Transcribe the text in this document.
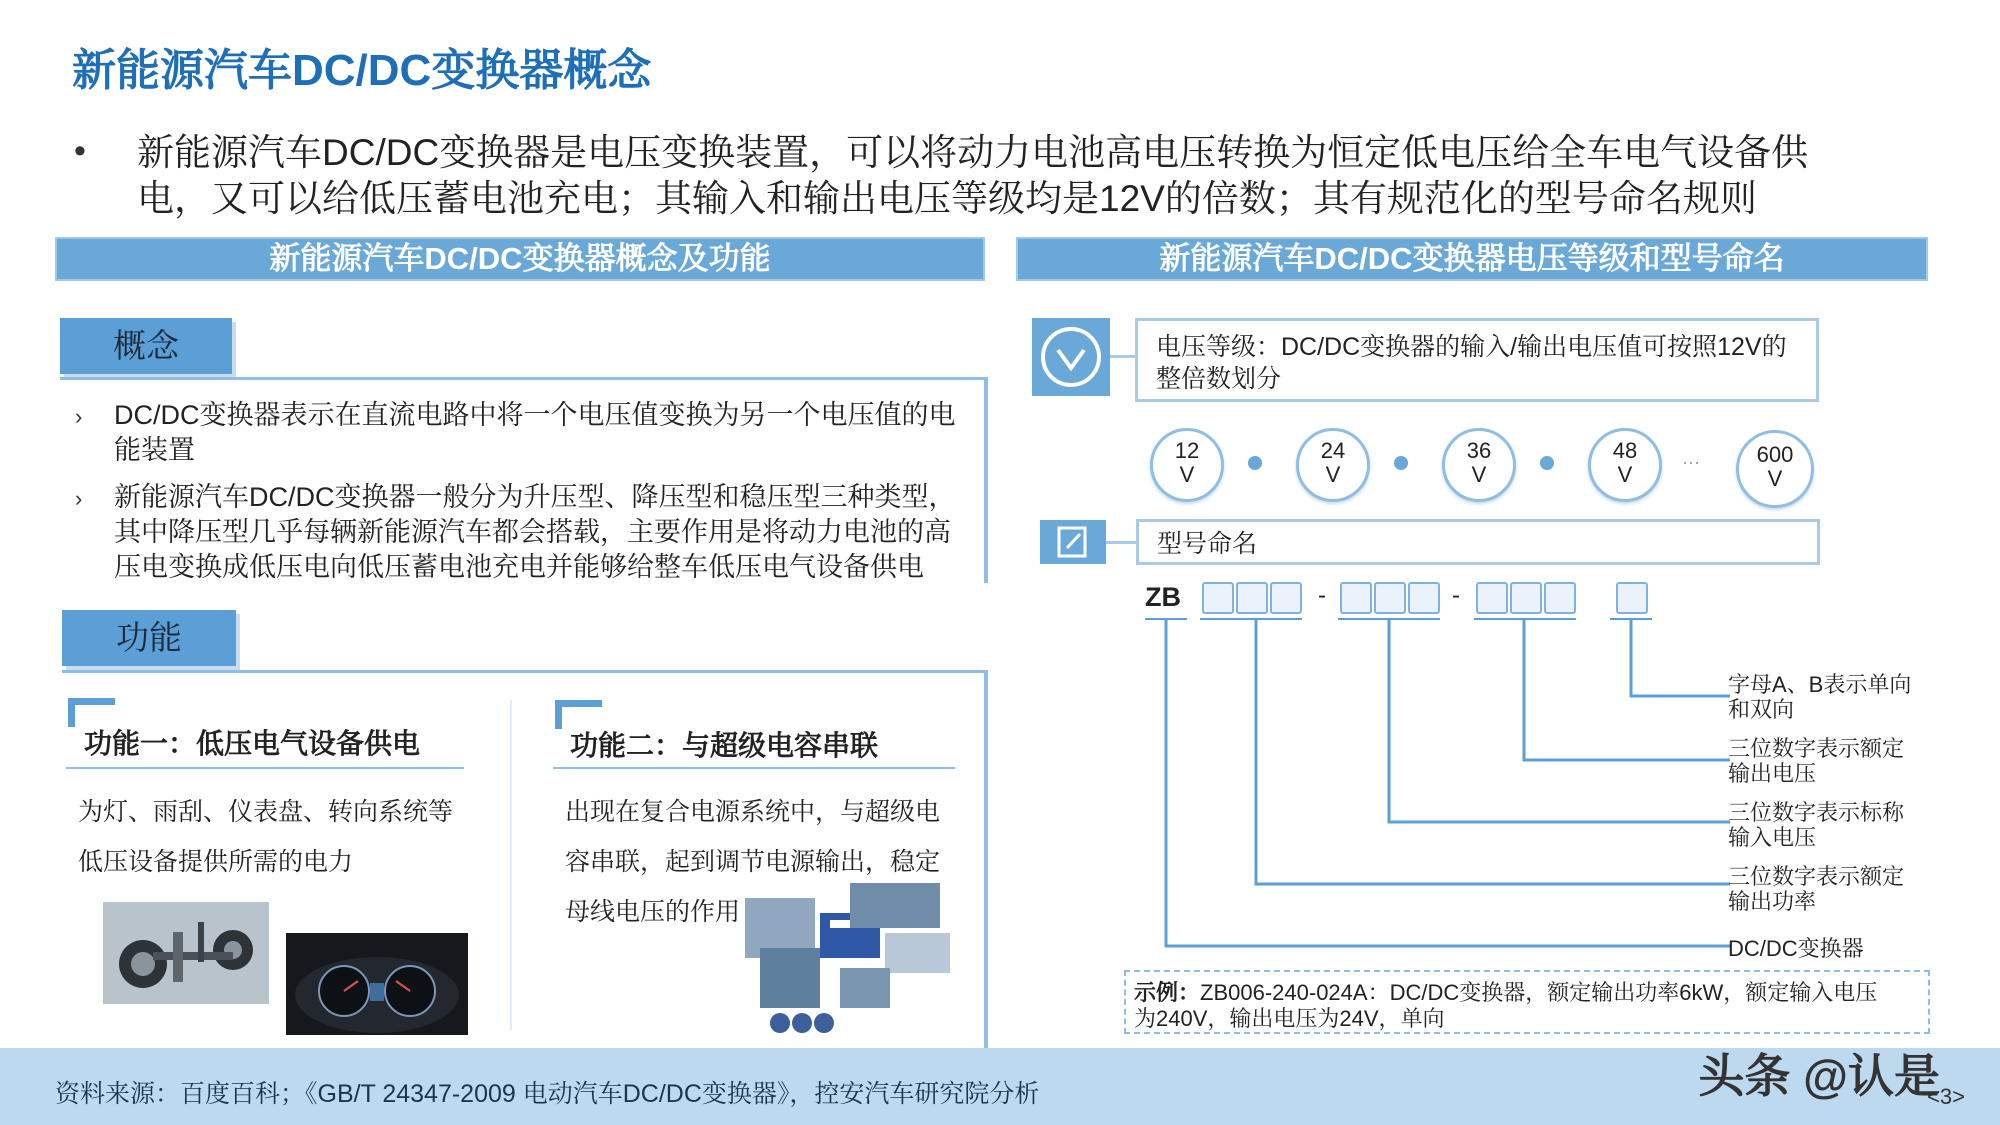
新能源汽车DC/DC变换器概念
• 新能源汽车DC/DC变换器是电压变换装置，可以将动力电池高电压转换为恒定低电压给全车电气设备供
电，又可以给低压蓄电池充电；其输入和输出电压等级均是12V的倍数；其有规范化的型号命名规则
新能源汽车DC/DC变换器概念及功能
概念
› DC/DC变换器表示在直流电路中将一个电压值变换为另一个电压值的电
能装置
› 新能源汽车DC/DC变换器一般分为升压型、降压型和稳压型三种类型，
其中降压型几乎每辆新能源汽车都会搭载，主要作用是将动力电池的高
压电变换成低压电向低压蓄电池充电并能够给整车低压电气设备供电
功能
功能一：低压电气设备供电
为灯、雨刮、仪表盘、转向系统等
低压设备提供所需的电力
功能二：与超级电容串联
出现在复合电源系统中，与超级电
容串联，起到调节电源输出，稳定
母线电压的作用
新能源汽车DC/DC变换器电压等级和型号命名
电压等级：DC/DC变换器的输入/输出电压值可按照12V的
整倍数划分
12
V
24
V
36
V
48
V	···	600
V
型号命名
ZB	-	-
字母A、B表示单向
和双向
三位数字表示额定
输出电压
三位数字表示标称
输入电压
三位数字表示额定
输出功率
DC/DC变换器
示例：ZB006-240-024A：DC/DC变换器，额定输出功率6kW，额定输入电压
为240V，输出电压为24V，单向
资料来源：百度百科；《GB/T 24347-2009 电动汽车DC/DC变换器》，控安汽车研究院分析	头条 @认是
<3>
